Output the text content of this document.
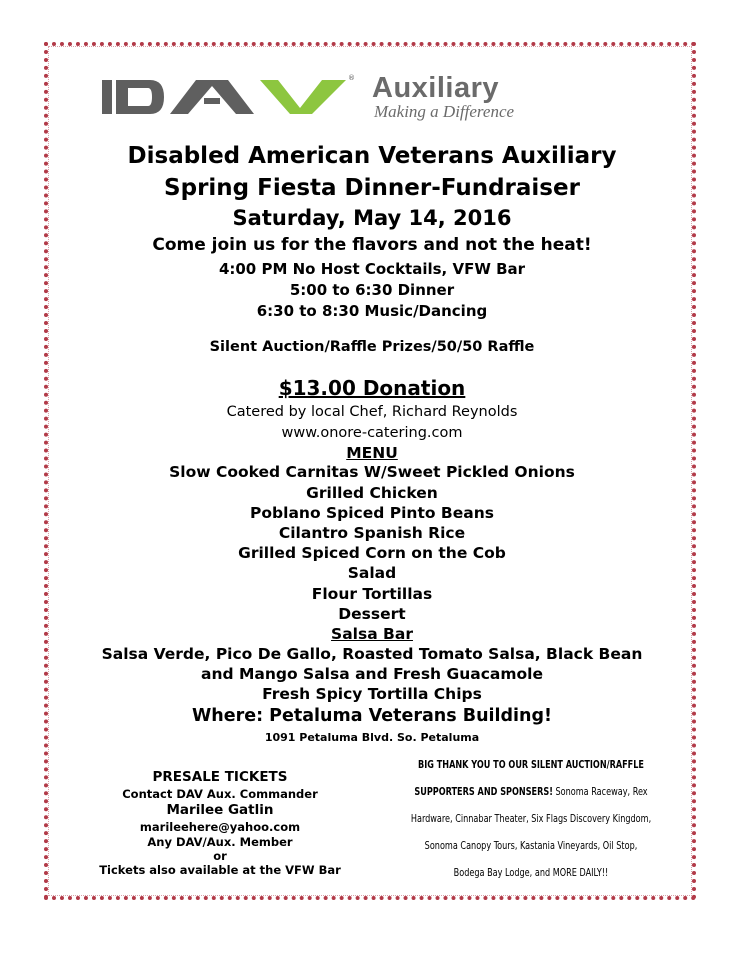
® Auxiliary
Making a Difference
Disabled American Veterans Auxiliary
Spring Fiesta Dinner-Fundraiser
Saturday, May 14, 2016
Come join us for the flavors and not the heat!
4:00 PM No Host Cocktails, VFW Bar
5:00 to 6:30 Dinner
6:30 to 8:30 Music/Dancing
Silent Auction/Raffle Prizes/50/50 Raffle
$13.00 Donation
Catered by local Chef, Richard Reynolds
www.onore-catering.com
MENU
Slow Cooked Carnitas W/Sweet Pickled Onions
Grilled Chicken
Poblano Spiced Pinto Beans
Cilantro Spanish Rice
Grilled Spiced Corn on the Cob
Salad
Flour Tortillas
Dessert
Salsa Bar
Salsa Verde, Pico De Gallo, Roasted Tomato Salsa, Black Bean
and Mango Salsa and Fresh Guacamole
Fresh Spicy Tortilla Chips
Where: Petaluma Veterans Building!
1091 Petaluma Blvd. So. Petaluma
PRESALE TICKETS
Contact DAV Aux. Commander
Marilee Gatlin
marileehere@yahoo.com
Any DAV/Aux. Member
or
Tickets also available at the VFW Bar
BIG THANK YOU TO OUR SILENT AUCTION/RAFFLE
SUPPORTERS AND SPONSERS! Sonoma Raceway, Rex
Hardware, Cinnabar Theater, Six Flags Discovery Kingdom,
Sonoma Canopy Tours, Kastania Vineyards, Oil Stop,
Bodega Bay Lodge, and MORE DAILY!!
